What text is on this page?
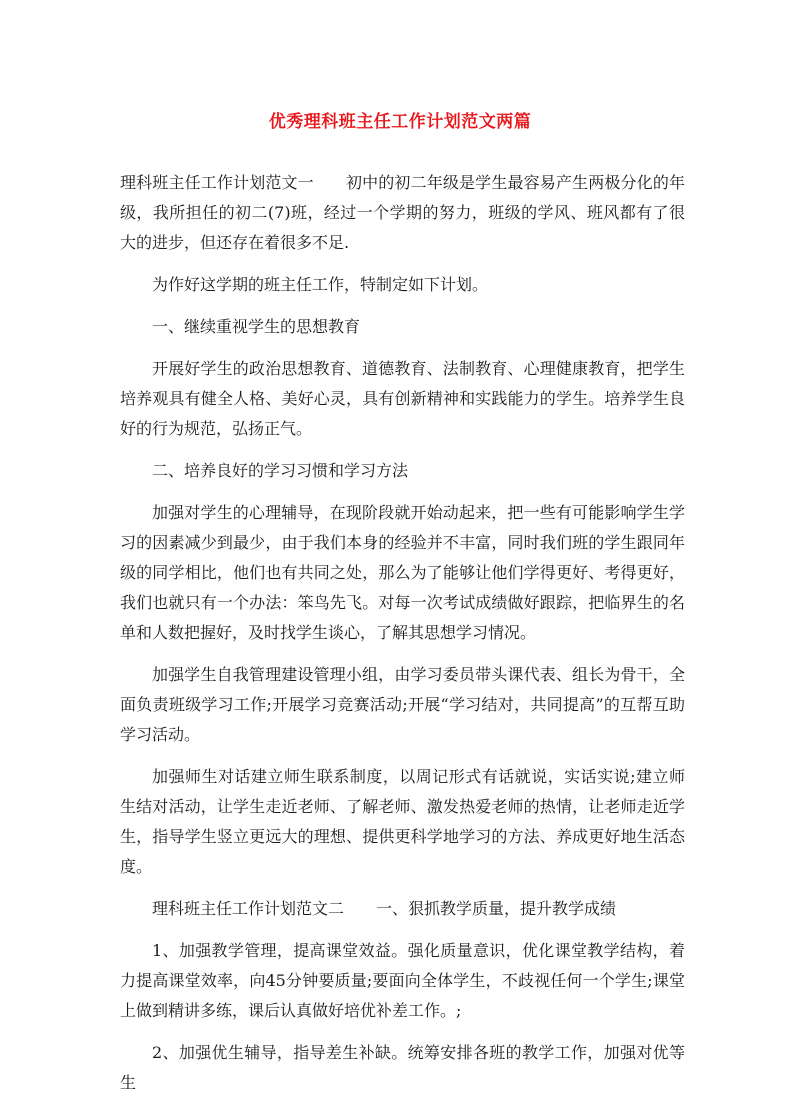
优秀理科班主任工作计划范文两篇

理科班主任工作计划范文一 初中的初二年级是学生最容易产生两极分化的年级，我所担任的初二(7)班，经过一个学期的努力，班级的学风、班风都有了很大的进步，但还存在着很多不足.

为作好这学期的班主任工作，特制定如下计划。

一、继续重视学生的思想教育

开展好学生的政治思想教育、道德教育、法制教育、心理健康教育，把学生培养观具有健全人格、美好心灵，具有创新精神和实践能力的学生。培养学生良好的行为规范，弘扬正气。

二、培养良好的学习习惯和学习方法

加强对学生的心理辅导，在现阶段就开始动起来，把一些有可能影响学生学习的因素减少到最少，由于我们本身的经验并不丰富，同时我们班的学生跟同年级的同学相比，他们也有共同之处，那么为了能够让他们学得更好、考得更好，我们也就只有一个办法：笨鸟先飞。对每一次考试成绩做好跟踪，把临界生的名单和人数把握好，及时找学生谈心，了解其思想学习情况。

加强学生自我管理建设管理小组，由学习委员带头课代表、组长为骨干，全面负责班级学习工作;开展学习竞赛活动;开展“学习结对，共同提高”的互帮互助学习活动。

加强师生对话建立师生联系制度，以周记形式有话就说，实话实说;建立师生结对活动，让学生走近老师、了解老师、激发热爱老师的热情，让老师走近学生，指导学生竖立更远大的理想、提供更科学地学习的方法、养成更好地生活态度。

理科班主任工作计划范文二 一、狠抓教学质量，提升教学成绩

1、加强教学管理，提高课堂效益。强化质量意识，优化课堂教学结构，着力提高课堂效率，向45分钟要质量;要面向全体学生，不歧视任何一个学生;课堂上做到精讲多练，课后认真做好培优补差工作。;

2、加强优生辅导，指导差生补缺。统筹安排各班的教学工作，加强对优等生
